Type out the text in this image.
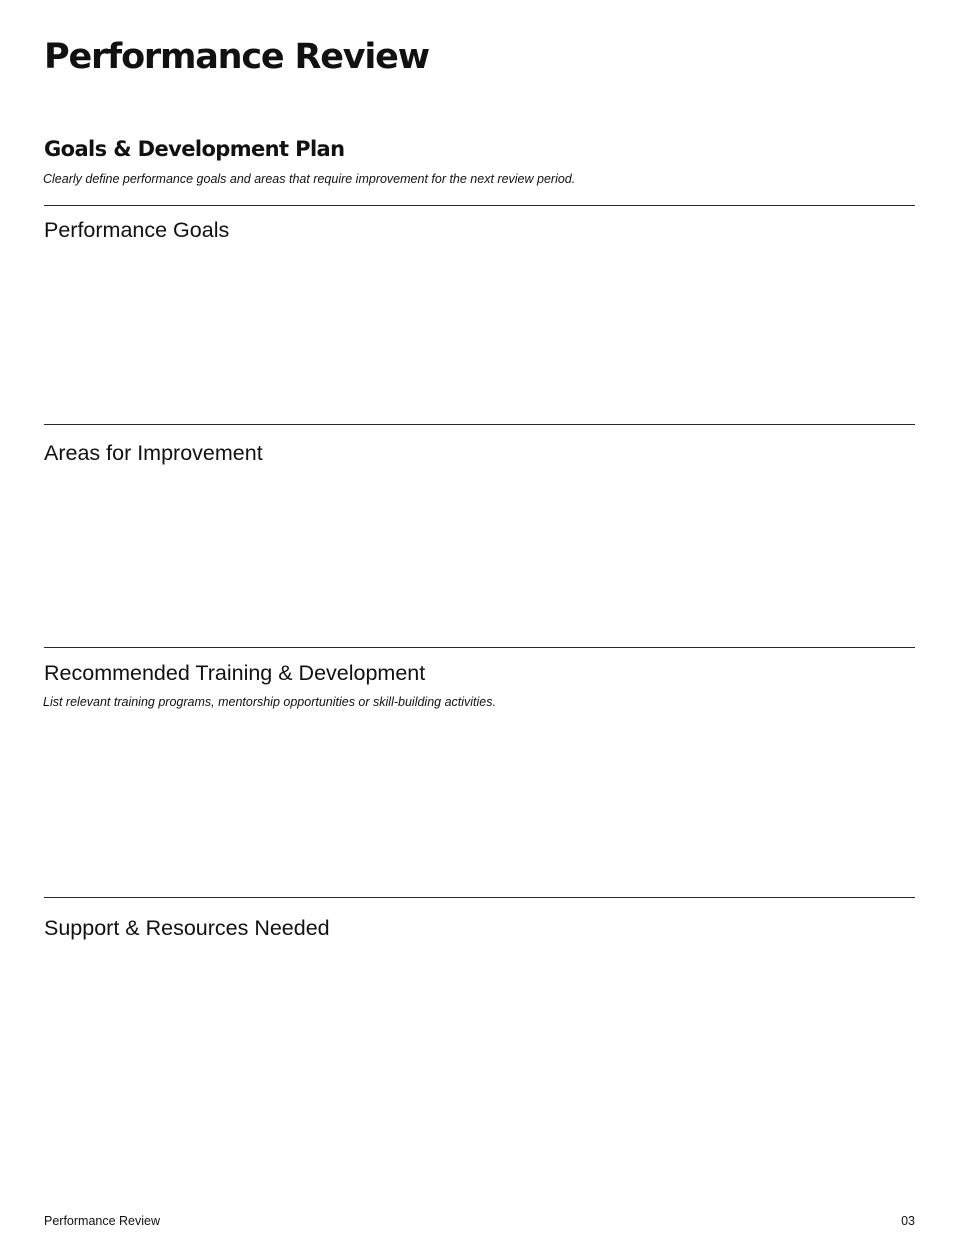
Performance Review
Goals & Development Plan

Clearly define performance goals and areas that require improvement for the next review period.

Performance Goals
Areas for Improvement
Recommended Training & Development

List relevant training programs, mentorship opportunities or skill-building activities.

Support & Resources Needed
Performance Review	03
